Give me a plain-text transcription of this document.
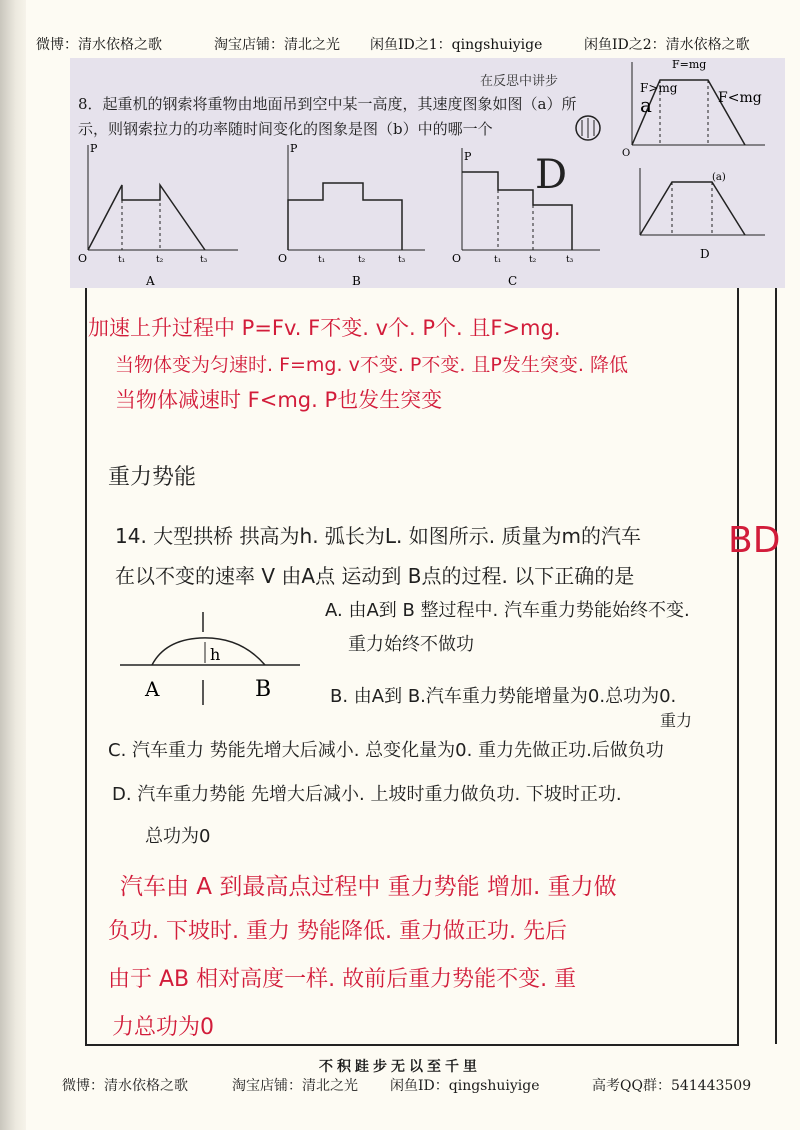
微博：清水依格之歌	淘宝店铺：清北之光 闲鱼ID之1：qingshuiyige	闲鱼ID之2：清水依格之歌
在反思中讲步
8．起重机的钢索将重物由地面吊到空中某一高度，其速度图象如图（a）所示，则钢索拉力的功率随时间变化的图象是图（b）中的哪一个
P
O	t₁	t₂	t₃
A
P
O	t₁	t₂	t₃
B
P
O	t₁	t₂	t₃
C
D	(a)
D
O
F>mg
F=mg
F<mg
a
加速上升过程中 P=Fv. F不变. v个. P个. 且F>mg.
当物体变为匀速时. F=mg. v不变. P不变. 且P发生突变. 降低
当物体减速时 F<mg. P也发生突变
重力势能
14. 大型拱桥 拱高为h. 弧长为L. 如图所示. 质量为m的汽车
在以不变的速率 V 由A点 运动到 B点的过程. 以下正确的是
BD
A. 由A到 B 整过程中. 汽车重力势能始终不变.
重力始终不做功
B. 由A到 B.汽车重力势能增量为0.总功为0.
重力
h
A	B
C. 汽车重力 势能先增大后减小. 总变化量为0. 重力先做正功.后做负功
D. 汽车重力势能 先增大后减小. 上坡时重力做负功. 下坡时正功.
总功为0
汽车由 A 到最高点过程中 重力势能 增加. 重力做
负功. 下坡时. 重力 势能降低. 重力做正功. 先后
由于 AB 相对高度一样. 故前后重力势能不变. 重
力总功为0
不积跬步无以至千里
微博：清水依格之歌	淘宝店铺：清北之光 闲鱼ID：qingshuiyige	高考QQ群：541443509
